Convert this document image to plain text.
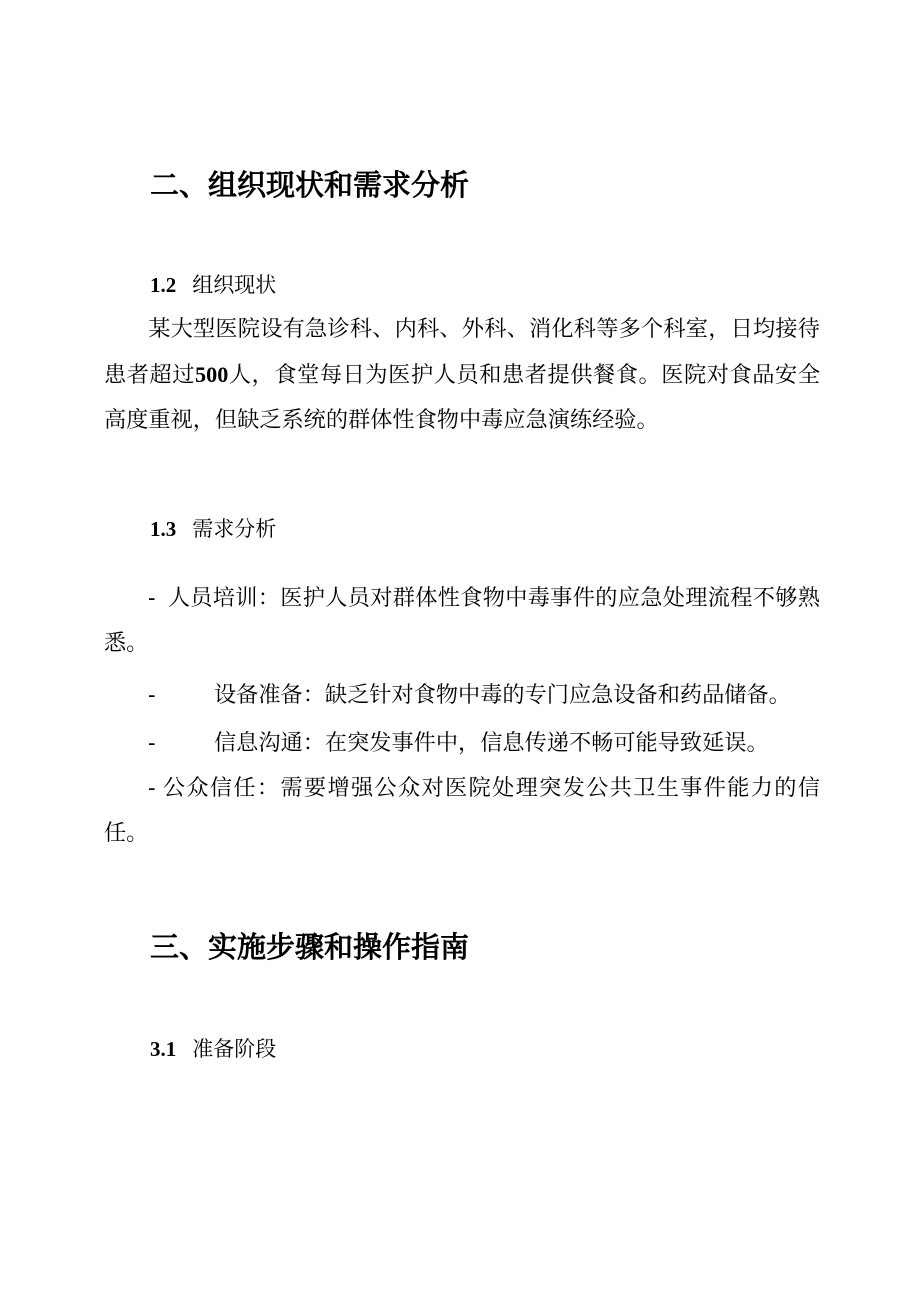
二、组织现状和需求分析
1.2 组织现状
某大型医院设有急诊科、内科、外科、消化科等多个科室，日均接待患者超过500人，食堂每日为医护人员和患者提供餐食。医院对食品安全高度重视，但缺乏系统的群体性食物中毒应急演练经验。
1.3 需求分析
- 人员培训：医护人员对群体性食物中毒事件的应急处理流程不够熟悉。
-	设备准备：缺乏针对食物中毒的专门应急设备和药品储备。
-	信息沟通：在突发事件中，信息传递不畅可能导致延误。
- 公众信任：需要增强公众对医院处理突发公共卫生事件能力的信任。
三、实施步骤和操作指南
3.1 准备阶段
